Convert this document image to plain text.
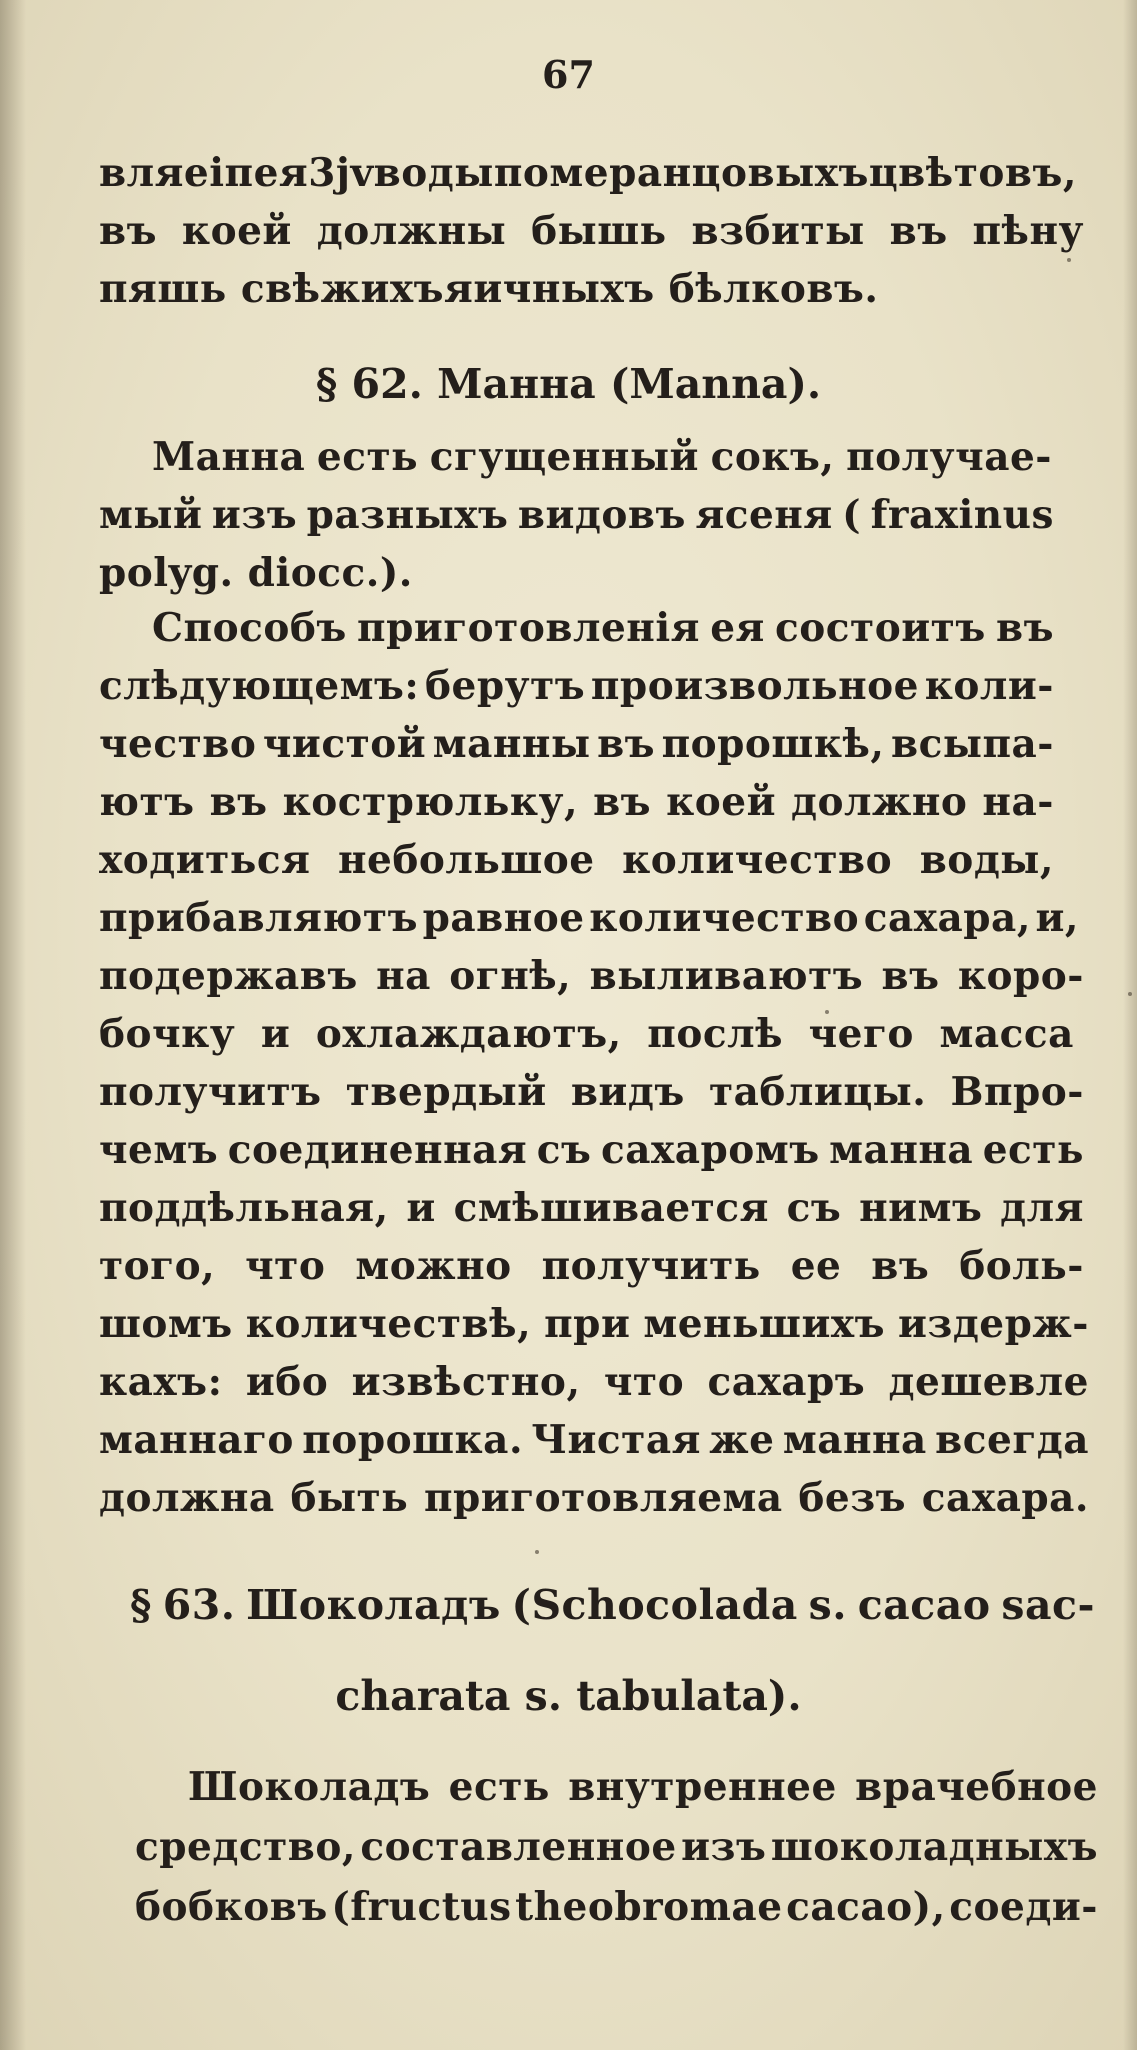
67
вляеіпея 3jv воды померанцовыхъ цвѣтовъ,
въ коей должны бышь взбиты въ пѣну
пяшь свѣжихъяичныхъ бѣлковъ.
§ 62. Манна (Manna).
Манна есть сгущенный сокъ, получае-
мый изъ разныхъ видовъ ясеня ( fraxinus
polyg. diocc.).
Способъ приготовленія ея состоитъ въ
слѣдующемъ: берутъ произвольное коли-
чество чистой манны въ порошкѣ, всыпа-
ютъ въ кострюльку, въ коей должно на-
ходиться небольшое количество воды,
прибавляютъ равное количество сахара, и,
подержавъ на огнѣ, выливаютъ въ коро-
бочку и охлаждаютъ, послѣ чего масса
получитъ твердый видъ таблицы. Впро-
чемъ соединенная съ сахаромъ манна есть
поддѣльная, и смѣшивается съ нимъ для
того, что можно получить ее въ боль-
шомъ количествѣ, при меньшихъ издерж-
кахъ: ибо извѣстно, что сахаръ дешевле
маннаго порошка. Чистая же манна всегда
должна быть приготовляема безъ сахара.
§ 63. Шоколадъ (Schocolada s. cacao sac-
charata s. tabulata).
Шоколадъ есть внутреннее врачебное
средство, составленное изъ шоколадныхъ
бобковъ (fructus theobromae cacao), соеди-
